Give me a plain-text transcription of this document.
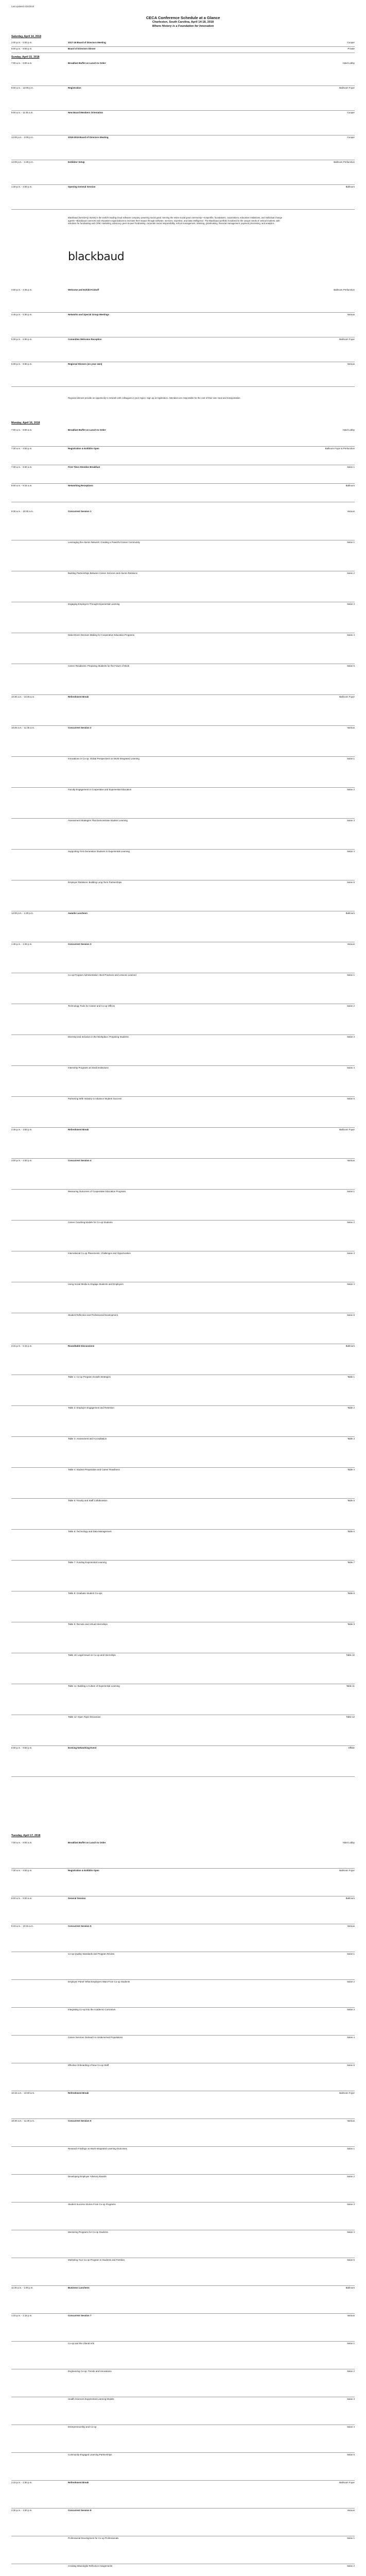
Last updated 4/20/2018
CECA Conference Schedule at a Glance
Charleston, South Carolina, April 14-18, 2018
Where History is a Foundation for Innovation
Saturday, April 14, 2018
2:00 p.m. - 5:00 p.m.	2017-18 Board of Directors Meeting	Cooper
6:00 p.m. - 8:00 p.m.	Board of Directors Dinner	Private
Sunday, April 15, 2018
7:00 a.m. - 9:00 a.m.	Breakfast Buffet on Lunch to Order	Hotel Lobby
8:00 a.m. - 12:00 p.m.	Registration	Ballroom Foyer
9:00 a.m. - 11:45 a.m.	New Board Members Orientation	Cooper
12:00 p.m. - 2:00 p.m.	2018-2019 Board of Directors Meeting	Cooper
12:00 p.m. - 1:30 p.m.	Exhibitor Setup	Ballroom Prefunction
1:30 p.m. - 4:00 p.m.	Opening General Session	Ballroom
Blackbaud (NASDAQ: BLKB) is the world's leading cloud software company powering social good. Serving the entire social good community—nonprofits, foundations, corporations, education institutions, and individual change agents—Blackbaud connects and empowers organizations to increase their impact through software, services, expertise, and data intelligence. The Blackbaud portfolio is tailored to the unique needs of vertical markets, with solutions for fundraising and CRM, marketing, advocacy, peer-to-peer fundraising, corporate social responsibility, school management, ticketing, grantmaking, financial management, payment processing, and analytics.
blackbaud
4:00 p.m. - 4:45 p.m.	Welcome and Exhibit Kickoff	Ballroom Prefunction
4:45 p.m. - 5:30 p.m.	Networks and Special Group Meetings	Various
5:30 p.m. - 6:30 p.m.	Committee Welcome Reception	Ballroom Foyer
6:30 p.m. - 8:30 p.m.	Regional Dinners (on your own)	Various
Regional dinners provide an opportunity to network with colleagues in your region. Sign up at registration. Attendees are responsible for the cost of their own meal and transportation.
Monday, April 16, 2018
7:00 a.m. - 8:00 a.m.	Breakfast Buffet on Lunch to Order	Hotel Lobby
7:30 a.m. - 4:00 p.m.	Registration & Exhibits Open	Ballroom Foyer & Prefunction
7:30 a.m. - 8:30 a.m.	First-Time Attendee Breakfast	Salon 1
8:00 a.m. - 9:15 a.m.	Networking Receptions	Ballroom
9:30 a.m. - 10:30 a.m.	Concurrent Session 1	Various
Leveraging the Alumni Network: Creating a Powerful Career Community	Salon 1
Building Partnerships Between Career Services and Alumni Relations	Salon 2
Engaging Employers Through Experiential Learning	Salon 3
Data-Driven Decision Making for Cooperative Education Programs	Salon 4
Career Readiness: Preparing Students for the Future of Work	Salon 5
10:30 a.m. - 10:45 a.m.	Refreshment Break	Ballroom Foyer
10:45 a.m. - 11:45 a.m.	Concurrent Session 2	Various
Innovations in Co-op: Global Perspectives on Work-Integrated Learning	Salon 1
Faculty Engagement in Cooperative and Experiential Education	Salon 2
Assessment Strategies That Demonstrate Student Learning	Salon 3
Supporting First-Generation Students in Experiential Learning	Salon 4
Employer Relations: Building Long-Term Partnerships	Salon 5
12:00 p.m. - 1:30 p.m.	Awards Luncheon	Ballroom
1:45 p.m. - 2:45 p.m.	Concurrent Session 3	Various
Co-op Program Administration: Best Practices and Lessons Learned	Salon 1
Technology Tools for Career and Co-op Offices	Salon 2
Diversity and Inclusion in the Workplace: Preparing Students	Salon 3
Internship Programs at Small Institutions	Salon 4
Partnering With Industry to Advance Student Success	Salon 5
2:45 p.m. - 3:00 p.m.	Refreshment Break	Ballroom Foyer
3:00 p.m. - 4:00 p.m.	Concurrent Session 4	Various
Measuring Outcomes of Cooperative Education Programs	Salon 1
Career Coaching Models for Co-op Students	Salon 2
International Co-op Placements: Challenges and Opportunities	Salon 3
Using Social Media to Engage Students and Employers	Salon 4
Student Reflection and Professional Development	Salon 5
4:15 p.m. - 5:15 p.m.	Roundtable Discussions	Ballroom
Table 1: Co-op Program Growth Strategies	Table 1
Table 2: Employer Engagement and Retention	Table 2
Table 3: Assessment and Accreditation	Table 3
Table 4: Student Preparation and Career Readiness	Table 4
Table 5: Faculty and Staff Collaboration	Table 5
Table 6: Technology and Data Management	Table 6
Table 7: Funding Experiential Learning	Table 7
Table 8: Graduate Student Co-ops	Table 8
Table 9: Remote and Virtual Internships	Table 9
Table 10: Legal Issues in Co-op and Internships	Table 10
Table 11: Building a Culture of Experiential Learning	Table 11
Table 12: Open Topic Discussion	Table 12
6:00 p.m. - 9:00 p.m.	Evening Networking Event	Offsite
Tuesday, April 17, 2018
7:00 a.m. - 8:00 a.m.	Breakfast Buffet on Lunch to Order	Hotel Lobby
7:30 a.m. - 4:00 p.m.	Registration & Exhibits Open	Ballroom Foyer
8:00 a.m. - 9:00 a.m.	General Session	Ballroom
9:15 a.m. - 10:15 a.m.	Concurrent Session 5	Various
Co-op Quality Standards and Program Review	Salon 1
Employer Panel: What Employers Want From Co-op Students	Salon 2
Integrating Co-op Into the Academic Curriculum	Salon 3
Career Services Outreach to Underserved Populations	Salon 4
Effective Onboarding of New Co-op Staff	Salon 5
10:15 a.m. - 10:30 a.m.	Refreshment Break	Ballroom Foyer
10:30 a.m. - 11:30 a.m.	Concurrent Session 6	Various
Research Findings on Work-Integrated Learning Outcomes	Salon 1
Developing Employer Advisory Boards	Salon 2
Student Success Stories From Co-op Programs	Salon 3
Mentoring Programs for Co-op Students	Salon 4
Marketing Your Co-op Program to Students and Families	Salon 5
11:45 a.m. - 1:00 p.m.	Business Luncheon	Ballroom
1:15 p.m. - 2:15 p.m.	Concurrent Session 7	Various
Co-op and the Liberal Arts	Salon 1
Engineering Co-op: Trends and Innovations	Salon 2
Health Sciences Experiential Learning Models	Salon 3
Entrepreneurship and Co-op	Salon 4
Community-Engaged Learning Partnerships	Salon 5
2:15 p.m. - 2:30 p.m.	Refreshment Break	Ballroom Foyer
2:30 p.m. - 3:30 p.m.	Concurrent Session 8	Various
Professional Development for Co-op Professionals	Salon 1
Creating Meaningful Reflection Assignments	Salon 2
